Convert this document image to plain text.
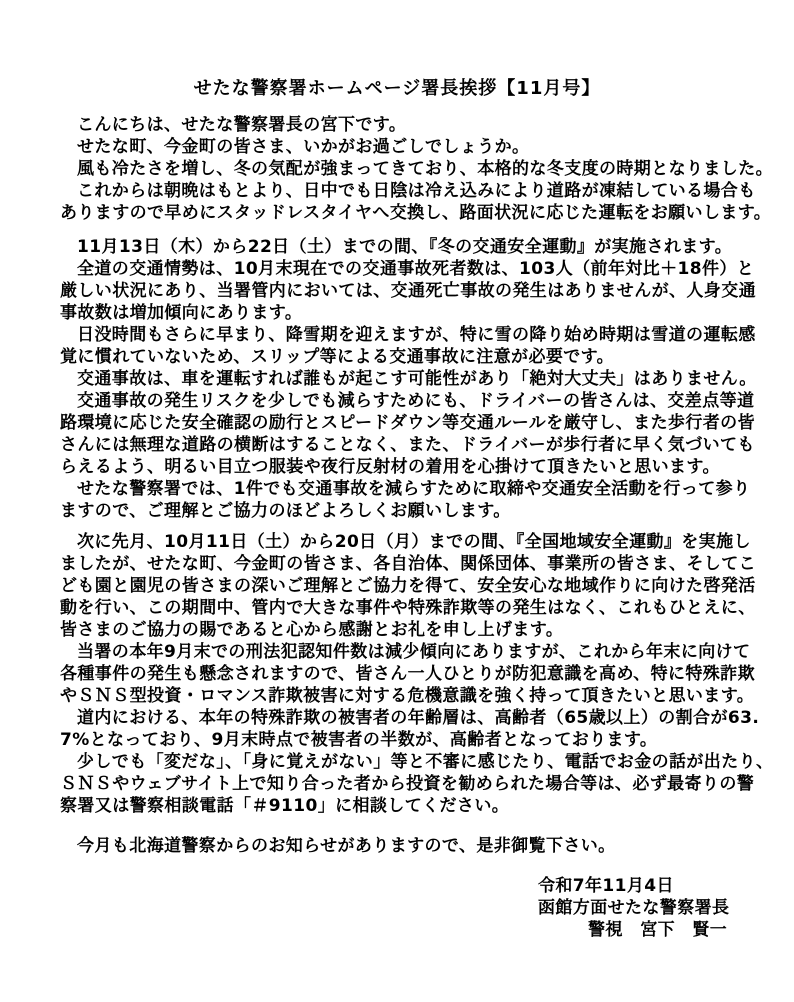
せたな警察署ホームページ署長挨拶【11月号】
こんにちは、せたな警察署長の宮下です。
せたな町、今金町の皆さま、いかがお過ごしでしょうか。
風も冷たさを増し、冬の気配が強まってきており、本格的な冬支度の時期となりました。
これからは朝晩はもとより、日中でも日陰は冷え込みにより道路が凍結している場合も
ありますので早めにスタッドレスタイヤへ交換し、路面状況に応じた運転をお願いします。
11月13日（木）から22日（土）までの間、『冬の交通安全運動』が実施されます。
全道の交通情勢は、10月末現在での交通事故死者数は、103人（前年対比＋18件）と
厳しい状況にあり、当署管内においては、交通死亡事故の発生はありませんが、人身交通
事故数は増加傾向にあります。
日没時間もさらに早まり、降雪期を迎えますが、特に雪の降り始め時期は雪道の運転感
覚に慣れていないため、スリップ等による交通事故に注意が必要です。
交通事故は、車を運転すれば誰もが起こす可能性があり「絶対大丈夫」はありません。
交通事故の発生リスクを少しでも減らすためにも、ドライバーの皆さんは、交差点等道
路環境に応じた安全確認の励行とスピードダウン等交通ルールを厳守し、また歩行者の皆
さんには無理な道路の横断はすることなく、また、ドライバーが歩行者に早く気づいても
らえるよう、明るい目立つ服装や夜行反射材の着用を心掛けて頂きたいと思います。
せたな警察署では、1件でも交通事故を減らすために取締や交通安全活動を行って参り
ますので、ご理解とご協力のほどよろしくお願いします。
次に先月、10月11日（土）から20日（月）までの間、『全国地域安全運動』を実施し
ましたが、せたな町、今金町の皆さま、各自治体、関係団体、事業所の皆さま、そしてこ
ども園と園児の皆さまの深いご理解とご協力を得て、安全安心な地域作りに向けた啓発活
動を行い、この期間中、管内で大きな事件や特殊詐欺等の発生はなく、これもひとえに、
皆さまのご協力の賜であると心から感謝とお礼を申し上げます。
当署の本年9月末での刑法犯認知件数は減少傾向にありますが、これから年末に向けて
各種事件の発生も懸念されますので、皆さん一人ひとりが防犯意識を高め、特に特殊詐欺
やＳＮＳ型投資・ロマンス詐欺被害に対する危機意識を強く持って頂きたいと思います。
道内における、本年の特殊詐欺の被害者の年齢層は、高齢者（65歳以上）の割合が63.
7%となっており、9月末時点で被害者の半数が、高齢者となっております。
少しでも「変だな」、「身に覚えがない」等と不審に感じたり、電話でお金の話が出たり、
ＳＮＳやウェブサイト上で知り合った者から投資を勧められた場合等は、必ず最寄りの警
察署又は警察相談電話「＃9110」に相談してください。
今月も北海道警察からのお知らせがありますので、是非御覧下さい。
令和7年11月4日
函館方面せたな警察署長
警視　宮下　賢一
